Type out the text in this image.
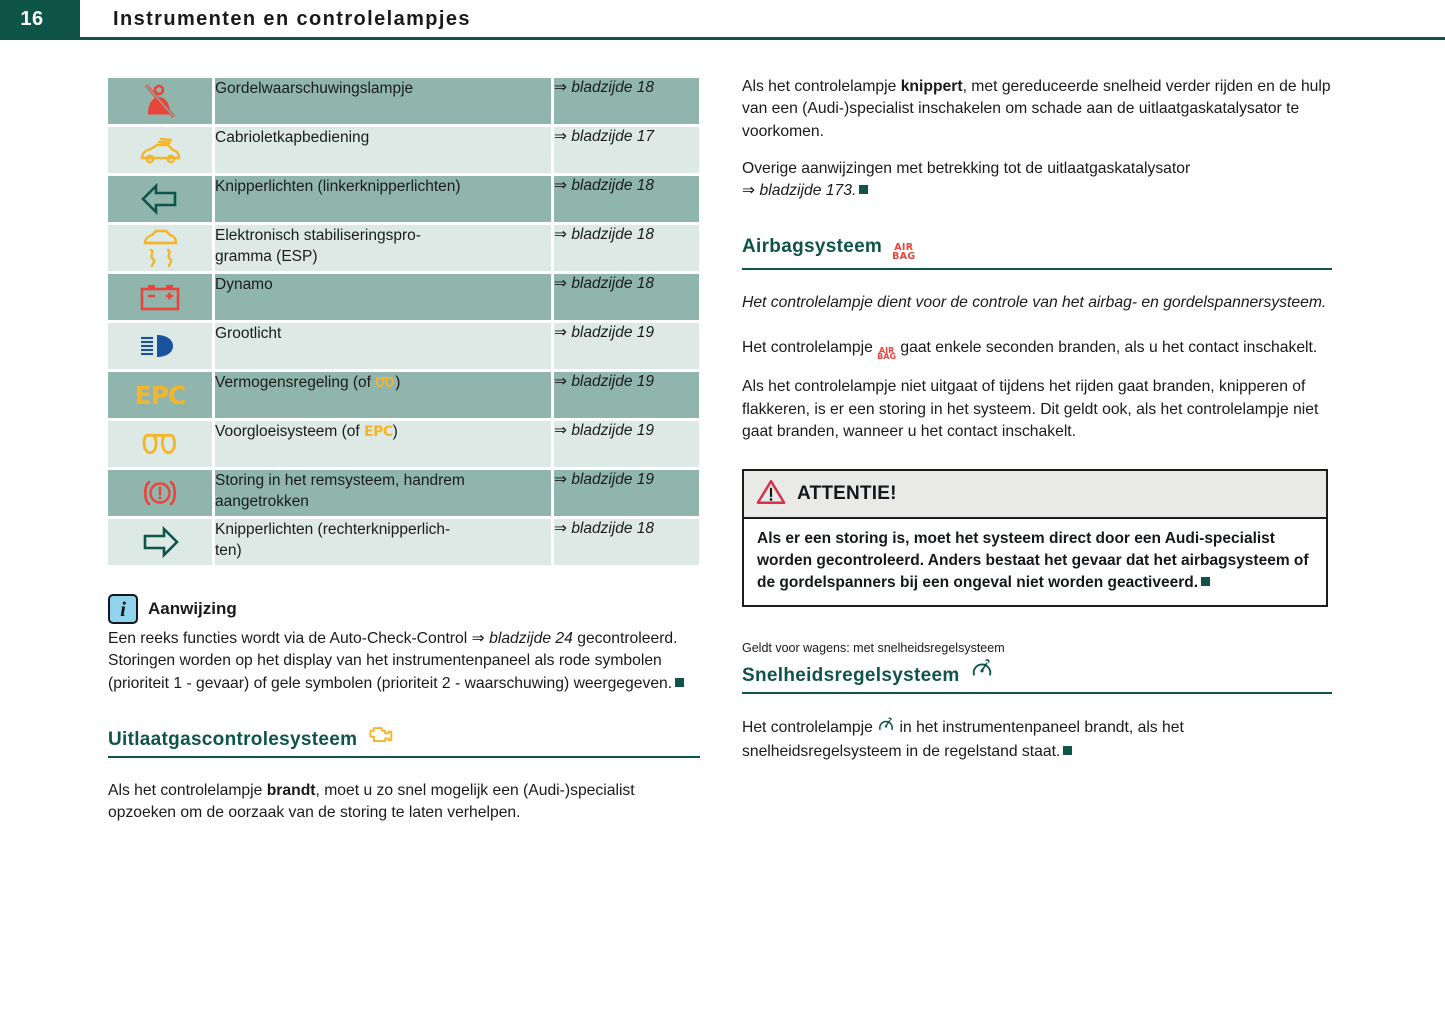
16	Instrumenten en controlelampjes
	Gordelwaarschuwingslampje	⇒ bladzijde 18

	Cabrioletkapbediening	⇒ bladzijde 17

	Knipperlichten (linkerknipperlichten)	⇒ bladzijde 18

	Elektronisch stabiliseringspro-
gramma (ESP)	⇒ bladzijde 18

	Dynamo	⇒ bladzijde 18

	Grootlicht	⇒ bladzijde 19

EPC	Vermogensregeling (of )	⇒ bladzijde 19

	Voorgloeisysteem (of EPC)	⇒ bladzijde 19

	Storing in het remsysteem, handrem
aangetrokken	⇒ bladzijde 19

	Knipperlichten (rechterknipperlich-
ten)	⇒ bladzijde 18
i	Aanwijzing
Een reeks functies wordt via de Auto-Check-Control ⇒ bladzijde 24 gecontroleerd. Storingen worden op het display van het instrumentenpaneel als rode symbolen (prioriteit 1 - gevaar) of gele symbolen (prioriteit 2 - waarschuwing) weergegeven.
Uitlaatgascontrolesysteem

Als het controlelampje brandt, moet u zo snel mogelijk een (Audi-)specialist opzoeken om de oorzaak van de storing te laten verhelpen.

Als het controlelampje knippert, met gereduceerde snelheid verder rijden en de hulp van een (Audi-)specialist inschakelen om schade aan de uitlaatgaskatalysator te voorkomen.

Overige aanwijzingen met betrekking tot de uitlaatgaskatalysator
⇒ bladzijde 173.

Airbagsysteem AIR
BAG
Het controlelampje dient voor de controle van het airbag- en gordelspannersysteem.

Het controlelampje AIR
BAG
gaat enkele seconden branden, als u het contact inschakelt.

Als het controlelampje niet uitgaat of tijdens het rijden gaat branden, knipperen of flakkeren, is er een storing in het systeem. Dit geldt ook, als het controlelampje niet gaat branden, wanneer u het contact inschakelt.

ATTENTIE!
Als er een storing is, moet het systeem direct door een Audi-specialist worden gecontroleerd. Anders bestaat het gevaar dat het airbagsysteem of de gordelspanners bij een ongeval niet worden geactiveerd.
Geldt voor wagens: met snelheidsregelsysteem
Snelheidsregelsysteem

Het controlelampje  in het instrumentenpaneel brandt, als het snelheidsregelsysteem in de regelstand staat.
